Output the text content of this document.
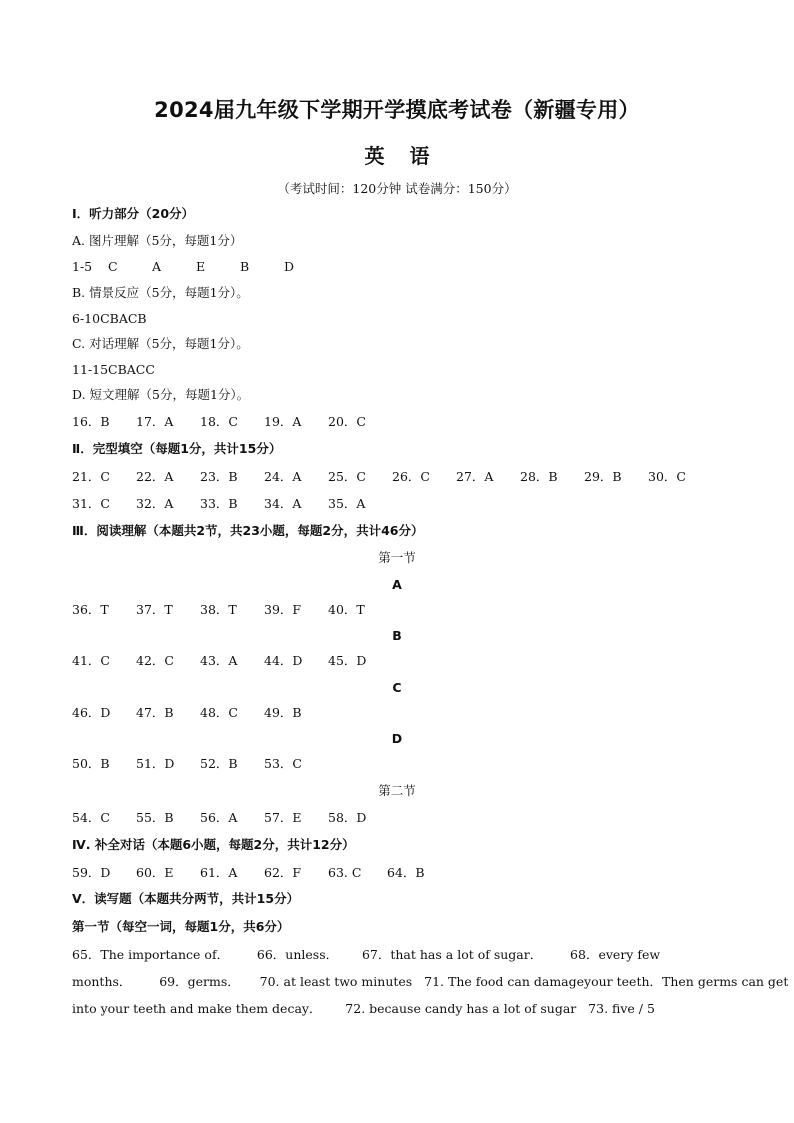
2024届九年级下学期开学摸底考试卷（新疆专用）
英 语
（考试时间：120分钟 试卷满分：150分）
Ⅰ．听力部分（20分）
A. 图片理解（5分，每题1分）
1-5 C	A	E	B	D
B. 情景反应（5分，每题1分）。
6-10CBACB
C. 对话理解（5分，每题1分）。
11-15CBACC
D. 短文理解（5分，每题1分）。
16．B 17．A 18．C 19．A 20．C
Ⅱ．完型填空（每题1分，共计15分）
21．C 22．A 23．B 24．A 25．C 26．C 27．A 28．B 29．B 30．C
31．C 32．A 33．B 34．A 35．A
Ⅲ．阅读理解（本题共2节，共23小题，每题2分，共计46分）
第一节
A
36．T 37．T 38．T 39．F 40．T
B
41．C 42．C 43．A 44．D 45．D
C
46．D 47．B 48．C 49．B
D
50．B 51．D 52．B 53．C
第二节
54．C 55．B 56．A 57．E 58．D
Ⅳ. 补全对话（本题6小题，每题2分，共计12分）
59．D 60．E 61．A 62．F 63. C 64．B
Ⅴ．读写题（本题共分两节，共计15分）
第一节（每空一词，每题1分，共6分）
65．The importance of．       66．unless．      67．that has a lot of sugar．       68．every few
months．       69．germs．     70. at least two minutes   71. The food can damageyour teeth．Then germs can get
into your teeth and make them decay．      72. because candy has a lot of sugar   73. five / 5
